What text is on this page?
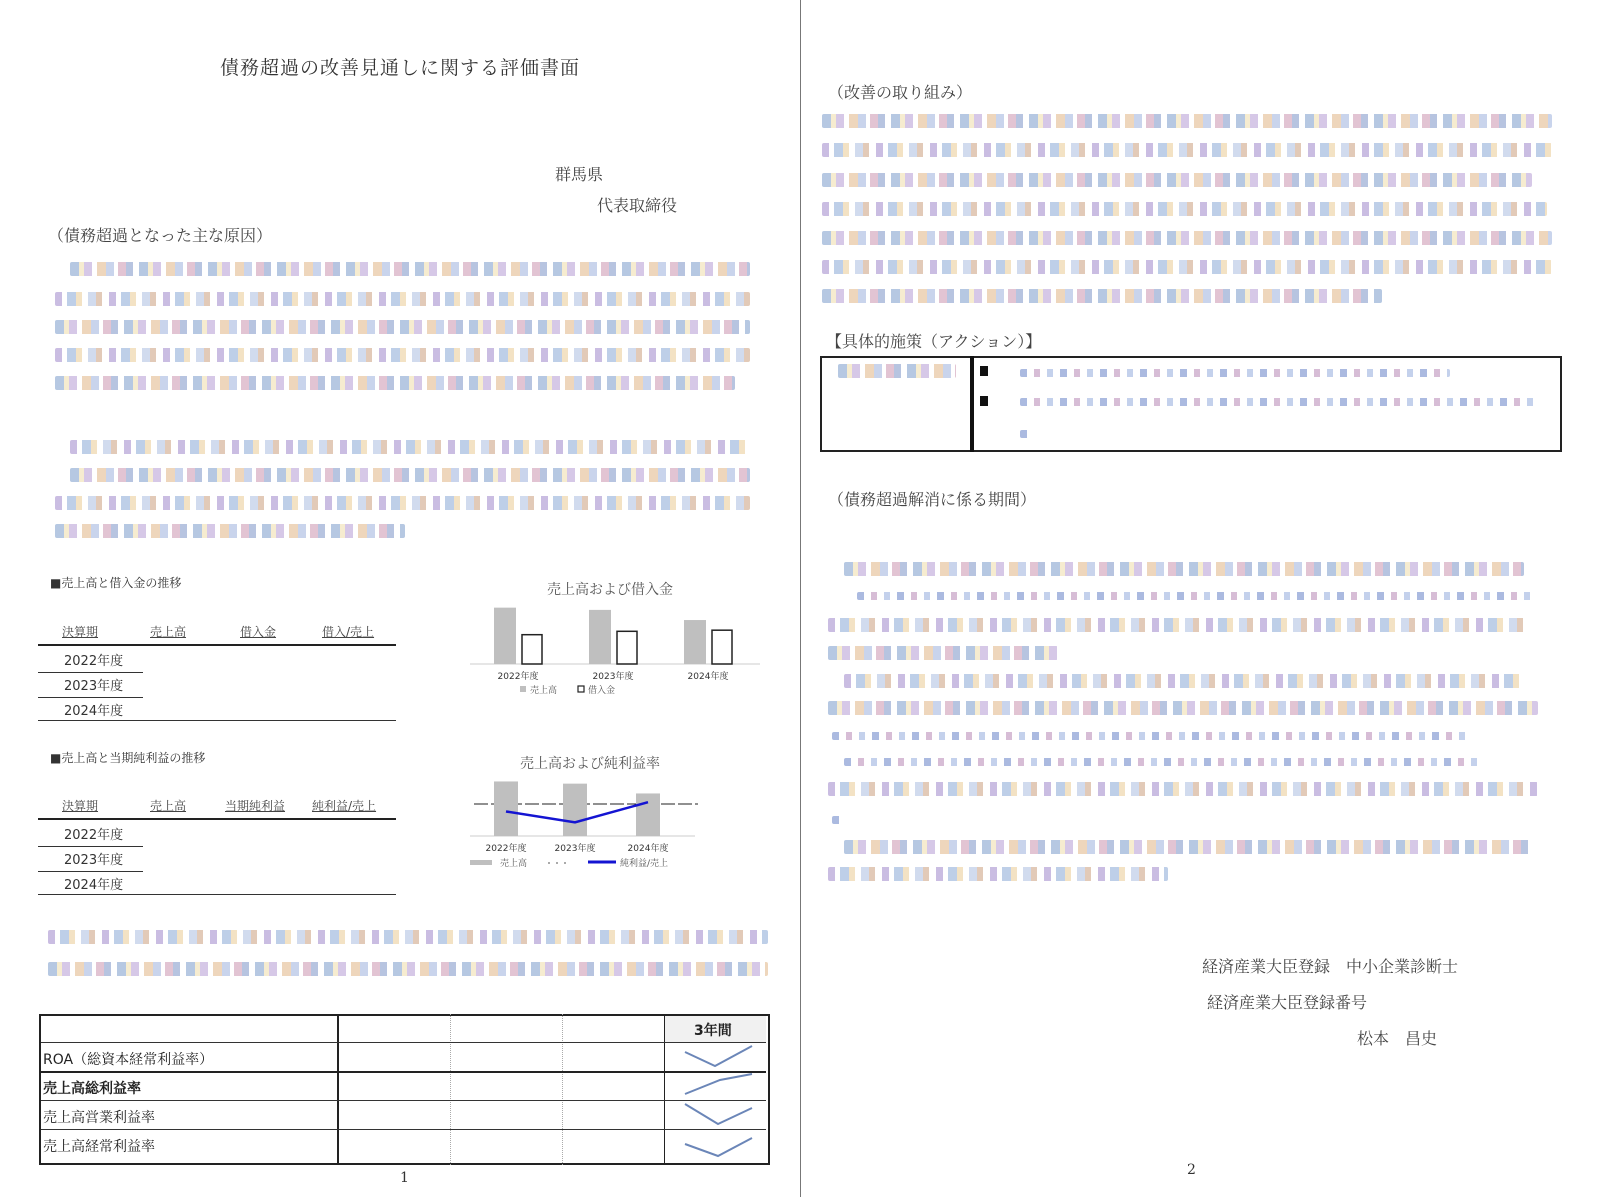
債務超過の改善見通しに関する評価書面
群馬県
代表取締役
（債務超過となった主な原因）
■売上高と借入金の推移
決算期	売上高	借入金	借入/売上
2022年度
2023年度
2024年度
売上高および借入金
2022年度	2023年度	2024年度
売上高	借入金
■売上高と当期純利益の推移
決算期	売上高	当期純利益 純利益/売上
2022年度
2023年度
2024年度
売上高および純利益率
2022年度	2023年度	2024年度
売上高	純利益/売上
3年間
ROA（総資本経常利益率）
売上高総利益率
売上高営業利益率
売上高経常利益率
1
（改善の取り組み）
【具体的施策（アクション）】
（債務超過解消に係る期間）
経済産業大臣登録　中小企業診断士
経済産業大臣登録番号
松本　昌史
2
